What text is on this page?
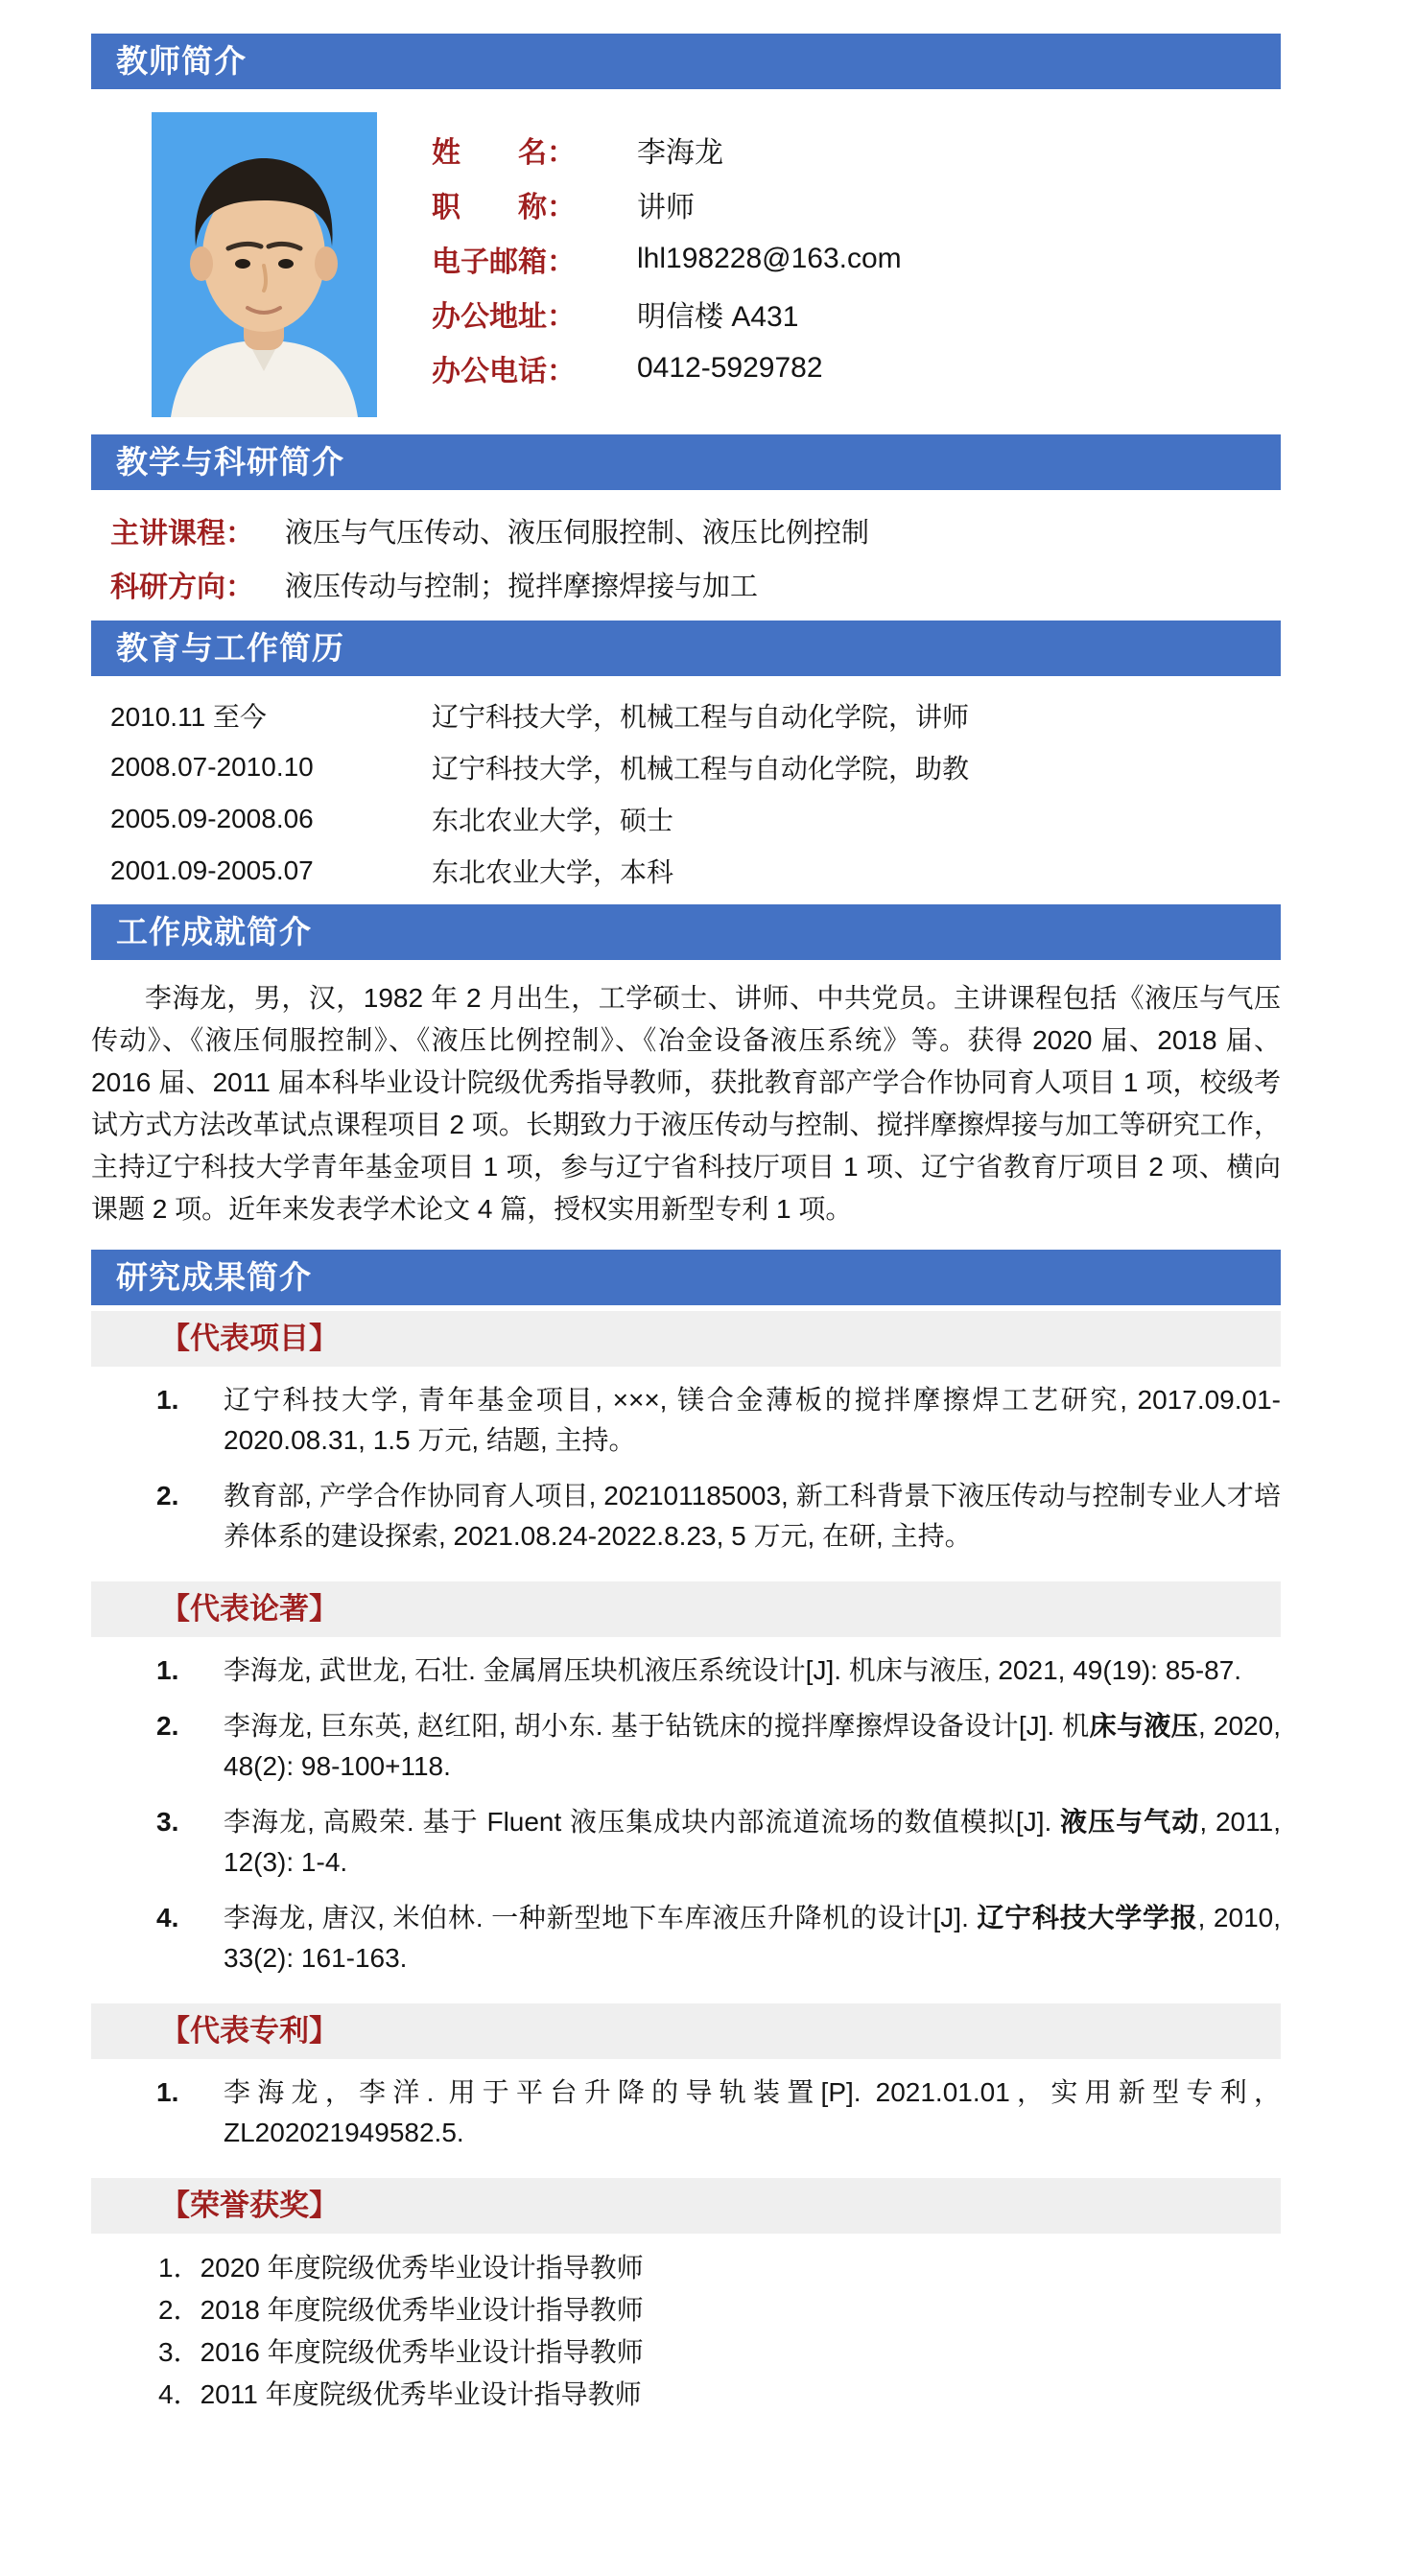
教师简介
姓　　名：	李海龙
职　　称：	讲师
电子邮箱：	lhl198228@163.com
办公地址：	明信楼 A431
办公电话：	0412-5929782
教学与科研简介
主讲课程：	液压与气压传动、液压伺服控制、液压比例控制
科研方向：	液压传动与控制；搅拌摩擦焊接与加工
教育与工作简历
2010.11 至今	辽宁科技大学，机械工程与自动化学院，讲师
2008.07-2010.10	辽宁科技大学，机械工程与自动化学院，助教
2005.09-2008.06	东北农业大学，硕士
2001.09-2005.07	东北农业大学，本科
工作成就简介

李海龙，男，汉，1982 年 2 月出生，工学硕士、讲师、中共党员。主讲课程包括《液压与气压传动》、《液压伺服控制》、《液压比例控制》、《冶金设备液压系统》等。获得 2020 届、2018 届、2016 届、2011 届本科毕业设计院级优秀指导教师，获批教育部产学合作协同育人项目 1 项，校级考试方式方法改革试点课程项目 2 项。长期致力于液压传动与控制、搅拌摩擦焊接与加工等研究工作，主持辽宁科技大学青年基金项目 1 项，参与辽宁省科技厅项目 1 项、辽宁省教育厅项目 2 项、横向课题 2 项。近年来发表学术论文 4 篇，授权实用新型专利 1 项。

研究成果简介
【代表项目】
1. 辽宁科技大学, 青年基金项目, ×××, 镁合金薄板的搅拌摩擦焊工艺研究, 2017.09.01-2020.08.31, 1.5 万元, 结题, 主持。
2. 教育部, 产学合作协同育人项目, 202101185003, 新工科背景下液压传动与控制专业人才培养体系的建设探索, 2021.08.24-2022.8.23, 5 万元, 在研, 主持。
【代表论著】
1. 李海龙, 武世龙, 石壮. 金属屑压块机液压系统设计[J]. 机床与液压, 2021, 49(19): 85-87.
2. 李海龙, 巨东英, 赵红阳, 胡小东. 基于钻铣床的搅拌摩擦焊设备设计[J]. 机床与液压, 2020, 48(2): 98-100+118.
3. 李海龙, 高殿荣. 基于 Fluent 液压集成块内部流道流场的数值模拟[J]. 液压与气动, 2011, 12(3): 1-4.
4. 李海龙, 唐汉, 米伯林. 一种新型地下车库液压升降机的设计[J]. 辽宁科技大学学报, 2010, 33(2): 161-163.
【代表专利】
1. 李海龙，李洋. 用于平台升降的导轨装置[P]. 2021.01.01，实用新型专利，ZL202021949582.5.
【荣誉获奖】
1． 2020 年度院级优秀毕业设计指导教师
2． 2018 年度院级优秀毕业设计指导教师
3． 2016 年度院级优秀毕业设计指导教师
4． 2011 年度院级优秀毕业设计指导教师
